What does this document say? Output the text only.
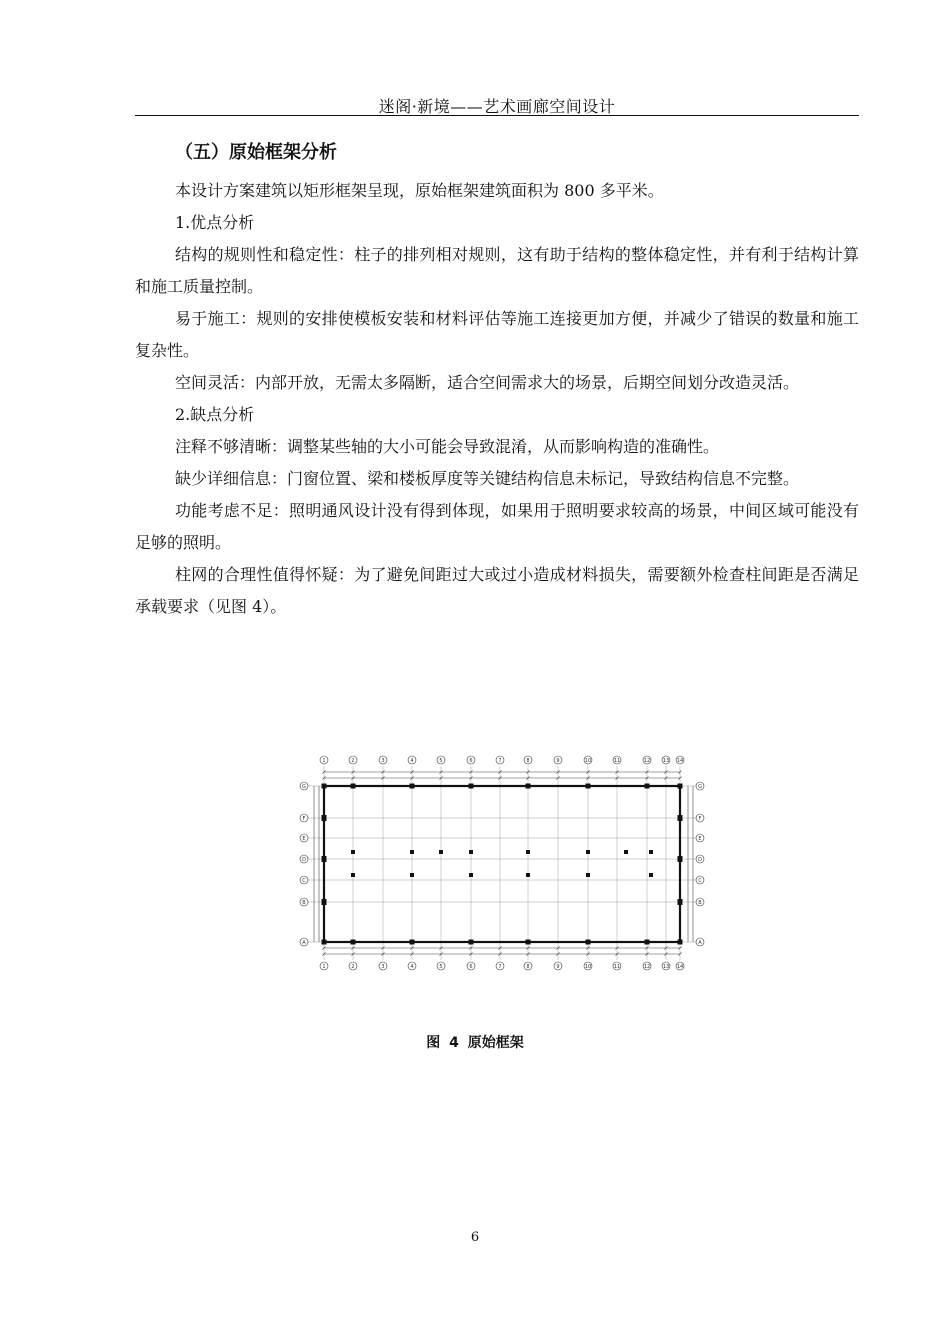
迷阁·新境——艺术画廊空间设计
（五）原始框架分析

本设计方案建筑以矩形框架呈现，原始框架建筑面积为 800 多平米。

1.优点分析

结构的规则性和稳定性：柱子的排列相对规则，这有助于结构的整体稳定性，并有利于结构计算和施工质量控制。

易于施工：规则的安排使模板安装和材料评估等施工连接更加方便，并减少了错误的数量和施工复杂性。

空间灵活：内部开放，无需太多隔断，适合空间需求大的场景，后期空间划分改造灵活。

2.缺点分析

注释不够清晰：调整某些轴的大小可能会导致混淆，从而影响构造的准确性。

缺少详细信息：门窗位置、梁和楼板厚度等关键结构信息未标记，导致结构信息不完整。

功能考虑不足：照明通风设计没有得到体现，如果用于照明要求较高的场景，中间区域可能没有足够的照明。

柱网的合理性值得怀疑：为了避免间距过大或过小造成材料损失，需要额外检查柱间距是否满足承载要求（见图 4）。

1
1
2
2
3
3
4
4
5
5
6
6
7
7
8
8
9
9
10
10
11
11
12
12
13
13
14
14
A	A
B	B
C	C
D	D
E	E
F	F
G	G
图 4 原始框架
6
